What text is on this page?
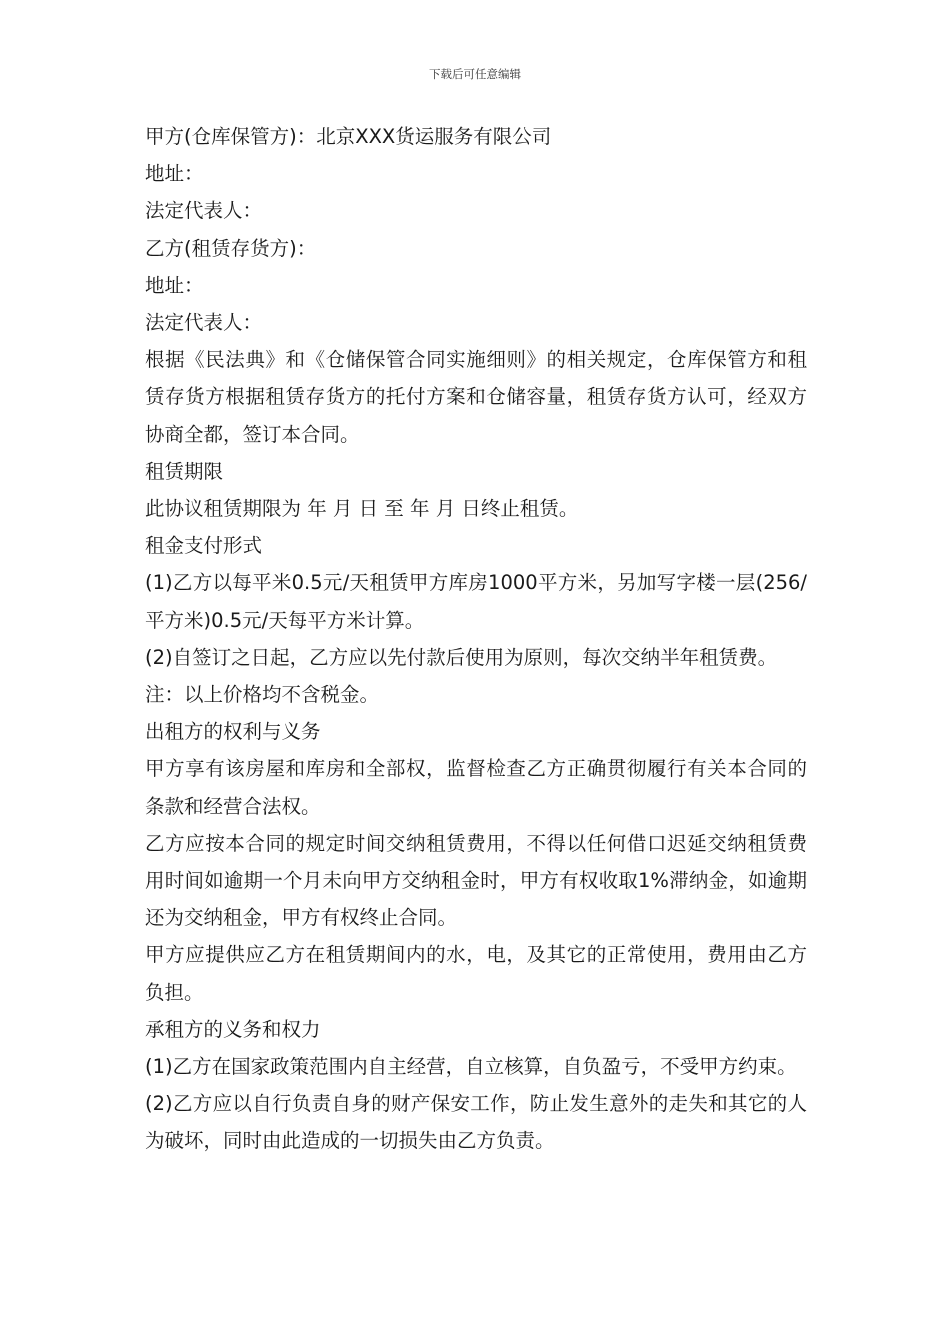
下载后可任意编辑

甲方(仓库保管方)：北京XXX货运服务有限公司

地址：

法定代表人：

乙方(租赁存货方)：

地址：

法定代表人：

根据《民法典》和《仓储保管合同实施细则》的相关规定，仓库保管方和租赁存货方根据租赁存货方的托付方案和仓储容量，租赁存货方认可，经双方协商全都，签订本合同。

租赁期限

此协议租赁期限为 年 月 日 至 年 月 日终止租赁。

租金支付形式

(1)乙方以每平米0.5元/天租赁甲方库房1000平方米，另加写字楼一层(256/平方米)0.5元/天每平方米计算。

(2)自签订之日起，乙方应以先付款后使用为原则，每次交纳半年租赁费。

注：以上价格均不含税金。

出租方的权利与义务

甲方享有该房屋和库房和全部权，监督检查乙方正确贯彻履行有关本合同的条款和经营合法权。

乙方应按本合同的规定时间交纳租赁费用，不得以任何借口迟延交纳租赁费用时间如逾期一个月未向甲方交纳租金时，甲方有权收取1%滞纳金，如逾期还为交纳租金，甲方有权终止合同。

甲方应提供应乙方在租赁期间内的水，电，及其它的正常使用，费用由乙方负担。

承租方的义务和权力

(1)乙方在国家政策范围内自主经营，自立核算，自负盈亏，不受甲方约束。

(2)乙方应以自行负责自身的财产保安工作，防止发生意外的走失和其它的人为破坏，同时由此造成的一切损失由乙方负责。
